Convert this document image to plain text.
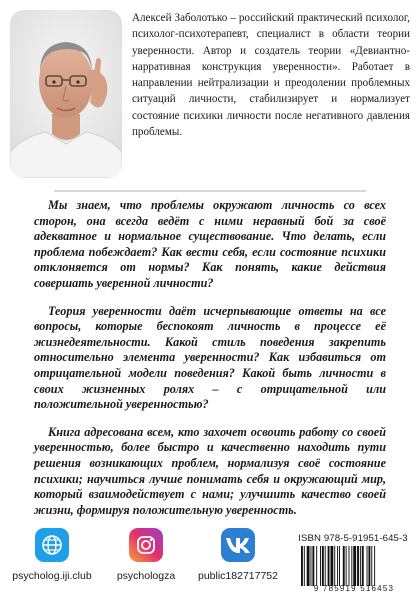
Алексей Заболотько – российский практический психолог, психолог-психотерапевт, специалист в области теории уверенности. Автор и создатель теории «Девиантно-нарративная конструкция уверенности». Работает в направлении нейтрализации и преодолении проблемных ситуаций личности, стабилизирует и нормализует состояние психики личности после негативного давления проблемы.

Мы знаем, что проблемы окружают личность со всех сторон, она всегда ведёт с ними неравный бой за своё адекватное и нормальное существование. Что делать, если проблема побеждает? Как вести себя, если состояние психики отклоняется от нормы? Как понять, какие действия совершать уверенной личности?

Теория уверенности даёт исчерпывающие ответы на все вопросы, которые беспокоят личность в процессе её жизнедеятельности. Какой стиль поведения закрепить относительно элемента уверенности? Как избавиться от отрицательной модели поведения? Какой быть личности в своих жизненных ролях – с отрицательной или положительной уверенностью?

Книга адресована всем, кто захочет освоить работу со своей уверенностью, более быстро и качественно находить пути решения возникающих проблем, нормализуя своё состояние психики; научиться лучше понимать себя и окружающий мир, который взаимодействует с нами; улучшить качество своей жизни, формируя положительную уверенность.

psycholog.iji.club	psychologza	public182717752
ISBN 978-5-91951-645-3
9 785919 516453
